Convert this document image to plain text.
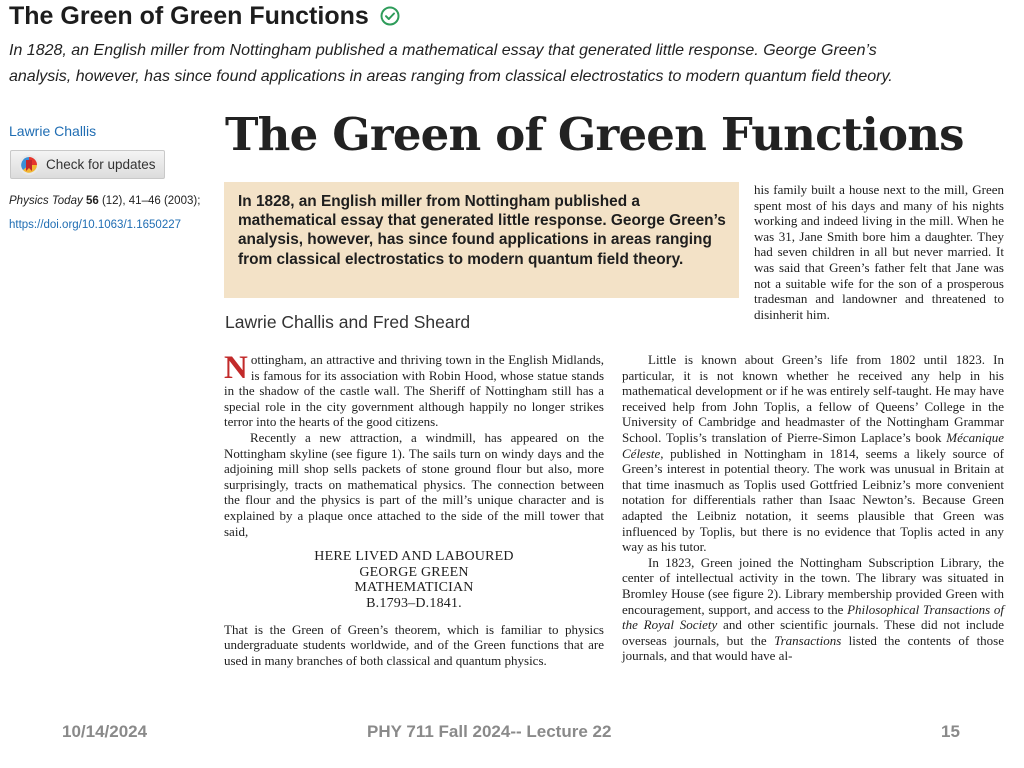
The Green of Green Functions
In 1828, an English miller from Nottingham published a mathematical essay that generated little response. George Green’s analysis, however, has since found applications in areas ranging from classical electrostatics to modern quantum field theory.
Lawrie Challis
Check for updates
Physics Today 56 (12), 41–46 (2003);
https://doi.org/10.1063/1.1650227
The Green of Green Functions
In 1828, an English miller from Nottingham published a mathematical essay that generated little response. George Green’s analysis, however, has since found applications in areas ranging from classical electrostatics to modern quantum field theory.
Lawrie Challis and Fred Sheard

Nottingham, an attractive and thriving town in the English Midlands, is famous for its association with Robin Hood, whose statue stands in the shadow of the castle wall. The Sheriff of Nottingham still has a special role in the city government although happily no longer strikes terror into the hearts of the good citizens.

Recently a new attraction, a windmill, has appeared on the Nottingham skyline (see figure 1). The sails turn on windy days and the adjoining mill shop sells packets of stone ground flour but also, more surprisingly, tracts on mathematical physics. The connection between the flour and the physics is part of the mill’s unique character and is explained by a plaque once attached to the side of the mill tower that said,

HERE LIVED AND LABOURED
GEORGE GREEN
MATHEMATICIAN
B.1793–D.1841.

That is the Green of Green’s theorem, which is familiar to physics undergraduate students worldwide, and of the Green functions that are used in many branches of both classical and quantum physics.

his family built a house next to the mill, Green spent most of his days and many of his nights working and indeed living in the mill. When he was 31, Jane Smith bore him a daughter. They had seven children in all but never married. It was said that Green’s father felt that Jane was not a suitable wife for the son of a prosperous tradesman and landowner and threatened to disinherit him.

Little is known about Green’s life from 1802 until 1823. In particular, it is not known whether he received any help in his mathematical development or if he was entirely self-taught. He may have received help from John Toplis, a fellow of Queens’ College in the University of Cambridge and headmaster of the Nottingham Grammar School. Toplis’s translation of Pierre-Simon Laplace’s book Mécanique Céleste, published in Nottingham in 1814, seems a likely source of Green’s interest in potential theory. The work was unusual in Britain at that time inasmuch as Toplis used Gottfried Leibniz’s more convenient notation for differentials rather than Isaac Newton’s. Because Green adapted the Leibniz notation, it seems plausible that Green was influenced by Toplis, but there is no evidence that Toplis acted in any way as his tutor.

In 1823, Green joined the Nottingham Subscription Library, the center of intellectual activity in the town. The library was situated in Bromley House (see figure 2). Library membership provided Green with encouragement, support, and access to the Philosophical Transactions of the Royal Society and other scientific journals. These did not include overseas journals, but the Transactions listed the contents of those journals, and that would have al-

10/14/2024	PHY 711 Fall 2024-- Lecture 22	15
